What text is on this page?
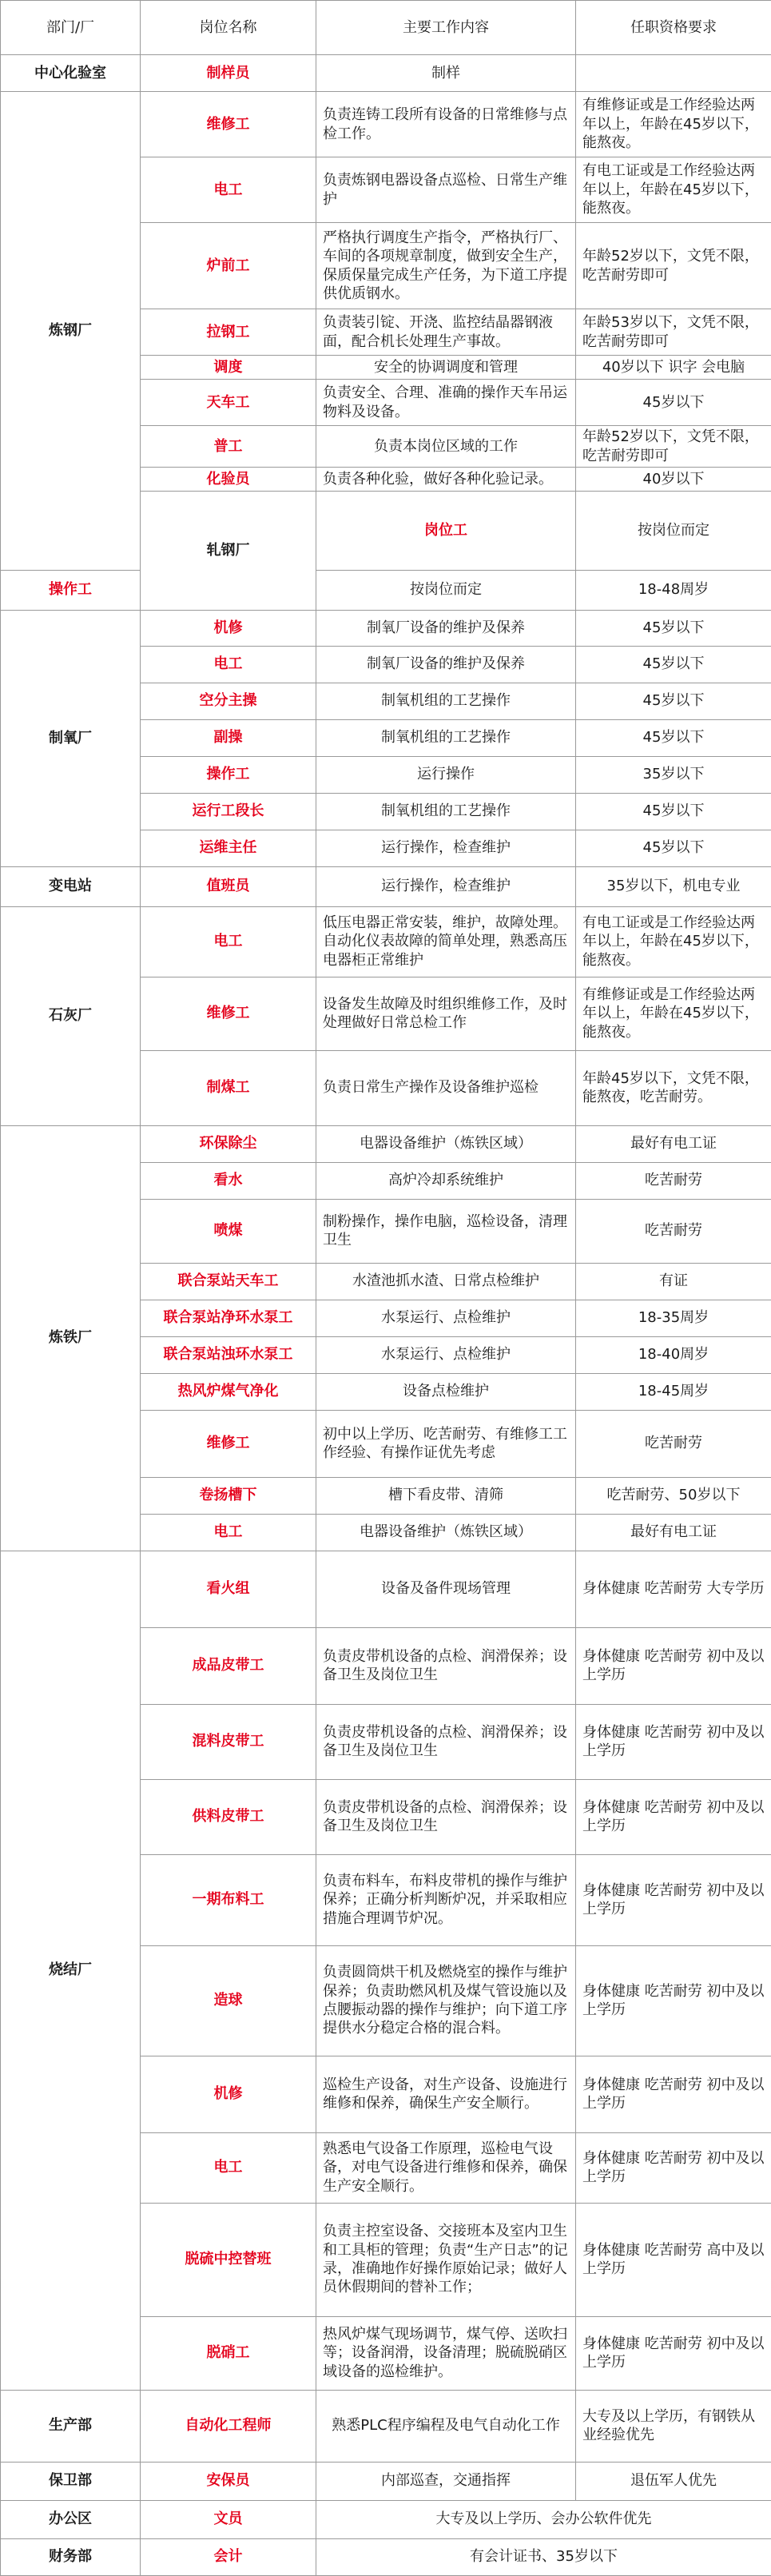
部门/厂	岗位名称	主要工作内容	任职资格要求	
中心化验室	制样员	制样		
炼钢厂	维修工	负责连铸工段所有设备的日常维修与点检工作。	有维修证或是工作经验达两年以上，年龄在45岁以下，能熬夜。	
	电工	负责炼钢电器设备点巡检、日常生产维护	有电工证或是工作经验达两年以上，年龄在45岁以下，能熬夜。	
	炉前工	严格执行调度生产指令，严格执行厂、车间的各项规章制度，做到安全生产，保质保量完成生产任务，为下道工序提供优质钢水。	年龄52岁以下，文凭不限，吃苦耐劳即可	
	拉钢工	负责装引锭、开浇、监控结晶器钢液面，配合机长处理生产事故。	年龄53岁以下，文凭不限，吃苦耐劳即可	
	调度	安全的协调调度和管理	40岁以下 识字 会电脑	
	天车工	负责安全、合理、准确的操作天车吊运物料及设备。	45岁以下	
	普工	负责本岗位区域的工作	年龄52岁以下，文凭不限，吃苦耐劳即可	
	化验员	负责各种化验，做好各种化验记录。	40岁以下	
	轧钢厂	岗位工	按岗位而定	
操作工		按岗位而定	18-48周岁	
制氧厂	机修	制氧厂设备的维护及保养	45岁以下	
	电工	制氧厂设备的维护及保养	45岁以下	
	空分主操	制氧机组的工艺操作	45岁以下	
	副操	制氧机组的工艺操作	45岁以下	
	操作工	运行操作	35岁以下	
	运行工段长	制氧机组的工艺操作	45岁以下	
	运维主任	运行操作，检查维护	45岁以下	
变电站	值班员	运行操作，检查维护	35岁以下，机电专业	
石灰厂	电工	低压电器正常安装，维护，故障处理。自动化仪表故障的简单处理，熟悉高压电器柜正常维护	有电工证或是工作经验达两年以上，年龄在45岁以下，能熬夜。	
	维修工	设备发生故障及时组织维修工作，及时处理做好日常总检工作	有维修证或是工作经验达两年以上，年龄在45岁以下，能熬夜。	
	制煤工	负责日常生产操作及设备维护巡检	年龄45岁以下，文凭不限，能熬夜，吃苦耐劳。	
炼铁厂	环保除尘	电器设备维护（炼铁区域）	最好有电工证	
	看水	高炉冷却系统维护	吃苦耐劳	
	喷煤	制粉操作，操作电脑，巡检设备，清理卫生	吃苦耐劳	
	联合泵站天车工	水渣池抓水渣、日常点检维护	有证	
	联合泵站净环水泵工	水泵运行、点检维护	18-35周岁	
	联合泵站浊环水泵工	水泵运行、点检维护	18-40周岁	
	热风炉煤气净化	设备点检维护	18-45周岁	
	维修工	初中以上学历、吃苦耐劳、有维修工工作经验、有操作证优先考虑	吃苦耐劳	
	卷扬槽下	槽下看皮带、清筛	吃苦耐劳、50岁以下	
	电工	电器设备维护（炼铁区域）	最好有电工证	
烧结厂	看火组	设备及备件现场管理	身体健康 吃苦耐劳 大专学历	
	成品皮带工	负责皮带机设备的点检、润滑保养；设备卫生及岗位卫生	身体健康 吃苦耐劳 初中及以上学历	
	混料皮带工	负责皮带机设备的点检、润滑保养；设备卫生及岗位卫生	身体健康 吃苦耐劳 初中及以上学历	
	供料皮带工	负责皮带机设备的点检、润滑保养；设备卫生及岗位卫生	身体健康 吃苦耐劳 初中及以上学历	
	一期布料工	负责布料车，布料皮带机的操作与维护保养；正确分析判断炉况，并采取相应措施合理调节炉况。	身体健康 吃苦耐劳 初中及以上学历	
	造球	负责圆筒烘干机及燃烧室的操作与维护保养；负责助燃风机及煤气管设施以及点腰振动器的操作与维护；向下道工序提供水分稳定合格的混合料。	身体健康 吃苦耐劳 初中及以上学历	
	机修	巡检生产设备，对生产设备、设施进行维修和保养，确保生产安全顺行。	身体健康 吃苦耐劳 初中及以上学历	
	电工	熟悉电气设备工作原理，巡检电气设备，对电气设备进行维修和保养，确保生产安全顺行。	身体健康 吃苦耐劳 初中及以上学历	
	脱硫中控替班	负责主控室设备、交接班本及室内卫生和工具柜的管理；负责“生产日志”的记录，准确地作好操作原始记录；做好人员休假期间的替补工作；	身体健康 吃苦耐劳 高中及以上学历	
	脱硝工	热风炉煤气现场调节，煤气停、送吹扫等；设备润滑，设备清理；脱硫脱硝区域设备的巡检维护。	身体健康 吃苦耐劳 初中及以上学历	
生产部	自动化工程师	熟悉PLC程序编程及电气自动化工作	大专及以上学历，有钢铁从业经验优先	
保卫部	安保员	内部巡查，交通指挥	退伍军人优先	
办公区	文员	大专及以上学历、会办公软件优先		
财务部	会计	有会计证书、35岁以下		
